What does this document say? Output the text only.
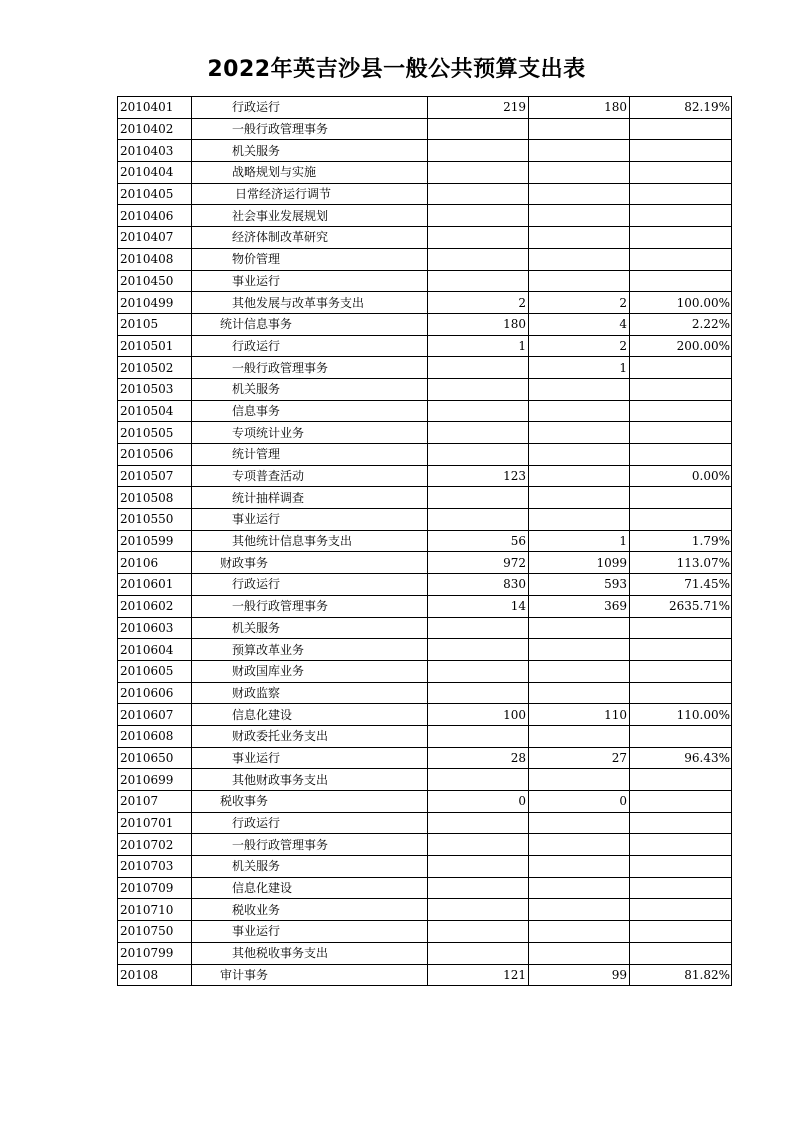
2022年英吉沙县一般公共预算支出表
2010401	行政运行	219	180	82.19%
2010402	一般行政管理事务			
2010403	机关服务			
2010404	战略规划与实施			
2010405	日常经济运行调节			
2010406	社会事业发展规划			
2010407	经济体制改革研究			
2010408	物价管理			
2010450	事业运行			
2010499	其他发展与改革事务支出	2	2	100.00%
20105	统计信息事务	180	4	2.22%
2010501	行政运行	1	2	200.00%
2010502	一般行政管理事务		1	
2010503	机关服务			
2010504	信息事务			
2010505	专项统计业务			
2010506	统计管理			
2010507	专项普查活动	123		0.00%
2010508	统计抽样调查			
2010550	事业运行			
2010599	其他统计信息事务支出	56	1	1.79%
20106	财政事务	972	1099	113.07%
2010601	行政运行	830	593	71.45%
2010602	一般行政管理事务	14	369	2635.71%
2010603	机关服务			
2010604	预算改革业务			
2010605	财政国库业务			
2010606	财政监察			
2010607	信息化建设	100	110	110.00%
2010608	财政委托业务支出			
2010650	事业运行	28	27	96.43%
2010699	其他财政事务支出			
20107	税收事务	0	0	
2010701	行政运行			
2010702	一般行政管理事务			
2010703	机关服务			
2010709	信息化建设			
2010710	税收业务			
2010750	事业运行			
2010799	其他税收事务支出			
20108	审计事务	121	99	81.82%
